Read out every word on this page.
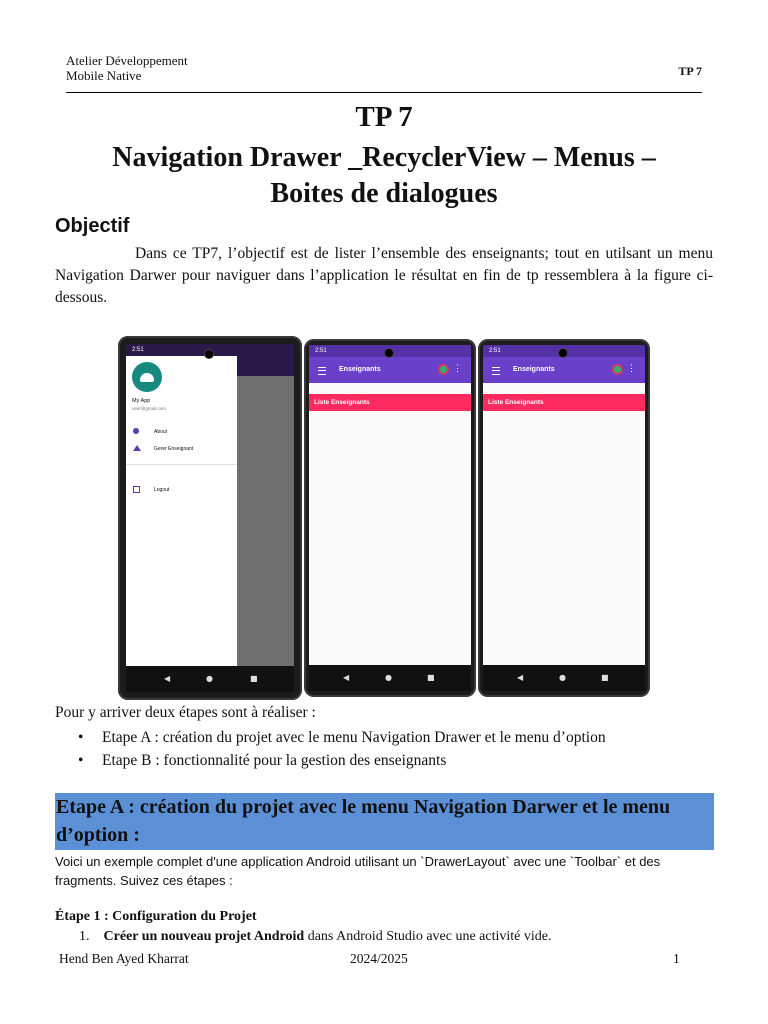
Atelier Développement
Mobile Native	TP 7
TP 7
Navigation Drawer _RecyclerView – Menus –
Boites de dialogues
Objectif
Dans ce TP7, l’objectif est de lister l’ensemble des enseignants; tout en utilsant un menu Navigation Darwer pour naviguer dans l’application le résultat en fin de tp ressemblera à la figure ci-dessous.
2:51
My App
user@gmail.com
About
Gerer Enseignant
Logout
◀	●	■
2:51
Enseignants	⋮
Liste Enseignants
◀	●	■
2:51
Enseignants	⋮
Liste Enseignants
◀	●	■
Pour y arriver deux étapes sont à réaliser :
• Etape A : création du projet avec le menu Navigation Drawer et le menu d’option
• Etape B : fonctionnalité pour la gestion des enseignants
Etape A : création du projet avec le menu Navigation Darwer et le menu d’option :
Voici un exemple complet d'une application Android utilisant un `DrawerLayout` avec une `Toolbar` et des fragments. Suivez ces étapes :
Étape 1 : Configuration du Projet
1. Créer un nouveau projet Android dans Android Studio avec une activité vide.
Hend Ben Ayed Kharrat	2024/2025	1
